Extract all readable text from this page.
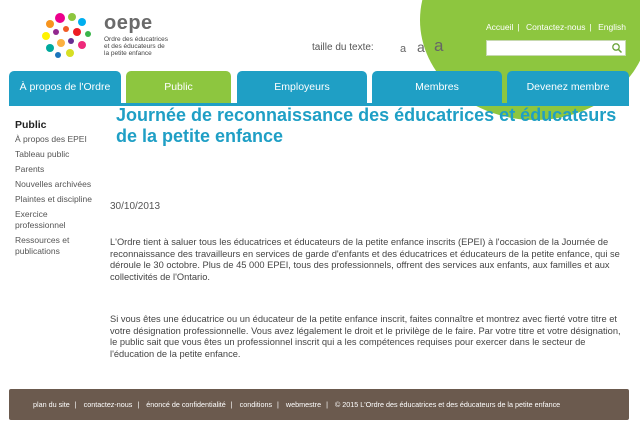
oepe
Ordre des éducatrices
et des éducateurs de
la petite enfance
Accueil | Contactez-nous | English
taille du texte: a a a
À propos de l'Ordre	Public	Employeurs	Membres	Devenez membre
Public
À propos des EPEI
Tableau public
Parents
Nouvelles archivées
Plaintes et discipline
Exercice professionnel
Ressources et publications
Journée de reconnaissance des éducatrices et éducateurs de la petite enfance
30/10/2013
L'Ordre tient à saluer tous les éducatrices et éducateurs de la petite enfance inscrits (EPEI) à l'occasion de la Journée de reconnaissance des travailleurs en services de garde d'enfants et des éducatrices et éducateurs de la petite enfance, qui se déroule le 30 octobre. Plus de 45 000 EPEI, tous des professionnels, offrent des services aux enfants, aux familles et aux collectivités de l'Ontario.
Si vous êtes une éducatrice ou un éducateur de la petite enfance inscrit, faites connaître et montrez avec fierté votre titre et votre désignation professionnelle. Vous avez légalement le droit et le privilège de le faire. Par votre titre et votre désignation, le public sait que vous êtes un professionnel inscrit qui a les compétences requises pour exercer dans le secteur de l'éducation de la petite enfance.
plan du site | contactez-nous | énoncé de confidentialité | conditions | webmestre | © 2015 L'Ordre des éducatrices et des éducateurs de la petite enfance
